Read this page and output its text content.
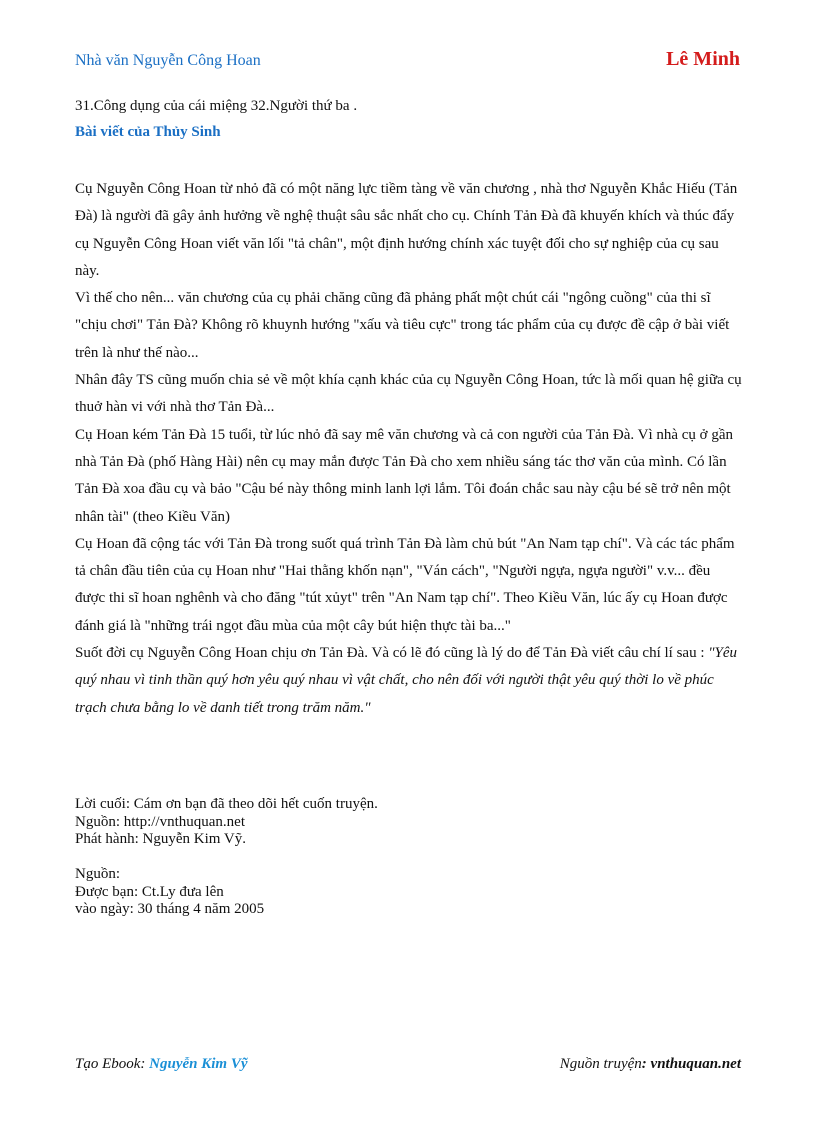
Nhà văn Nguyễn Công Hoan	Lê Minh
31.Công dụng của cái miệng 32.Người thứ ba .
Bài viết của Thủy Sinh

Cụ Nguyễn Công Hoan từ nhỏ đã có một năng lực tiềm tàng về văn chương , nhà thơ Nguyễn Khắc Hiếu (Tản Đà) là người đã gây ảnh hưởng về nghệ thuật sâu sắc nhất cho cụ. Chính Tản Đà đã khuyến khích và thúc đẩy cụ Nguyễn Công Hoan viết văn lối "tả chân", một định hướng chính xác tuyệt đối cho sự nghiệp của cụ sau này.

Vì thế cho nên... văn chương của cụ phải chăng cũng đã phảng phất một chút cái "ngông cuồng" của thi sĩ "chịu chơi" Tản Đà? Không rõ khuynh hướng "xấu và tiêu cực" trong tác phẩm của cụ được đề cập ở bài viết trên là như thế nào...

Nhân đây TS cũng muốn chia sẻ về một khía cạnh khác của cụ Nguyễn Công Hoan, tức là mối quan hệ giữa cụ thuở hàn vi với nhà thơ Tản Đà...

Cụ Hoan kém Tản Đà 15 tuổi, từ lúc nhỏ đã say mê văn chương và cả con người của Tản Đà. Vì nhà cụ ở gần nhà Tản Đà (phố Hàng Hài) nên cụ may mắn được Tản Đà cho xem nhiều sáng tác thơ văn của mình. Có lần Tản Đà xoa đầu cụ và bảo "Cậu bé này thông minh lanh lợi lắm. Tôi đoán chắc sau này cậu bé sẽ trở nên một nhân tài" (theo Kiều Văn)

Cụ Hoan đã cộng tác với Tản Đà trong suốt quá trình Tản Đà làm chủ bút "An Nam tạp chí". Và các tác phẩm tả chân đầu tiên của cụ Hoan như "Hai thằng khốn nạn", "Ván cách", "Người ngựa, ngựa người" v.v... đều được thi sĩ hoan nghênh và cho đăng "tút xủyt" trên "An Nam tạp chí". Theo Kiều Văn, lúc ấy cụ Hoan được đánh giá là "những trái ngọt đầu mùa của một cây bút hiện thực tài ba..."

Suốt đời cụ Nguyễn Công Hoan chịu ơn Tản Đà. Và có lẽ đó cũng là lý do để Tản Đà viết câu chí lí sau : "Yêu quý nhau vì tinh thần quý hơn yêu quý nhau vì vật chất, cho nên đối với người thật yêu quý thời lo về phúc trạch chưa bằng lo về danh tiết trong trăm năm."

Lời cuối: Cám ơn bạn đã theo dõi hết cuốn truyện.

Nguồn: http://vnthuquan.net

Phát hành: Nguyễn Kim Vỹ.

Nguồn:

Được bạn: Ct.Ly đưa lên

vào ngày: 30 tháng 4 năm 2005

Tạo Ebook: Nguyễn Kim Vỹ	Nguồn truyện: vnthuquan.net
